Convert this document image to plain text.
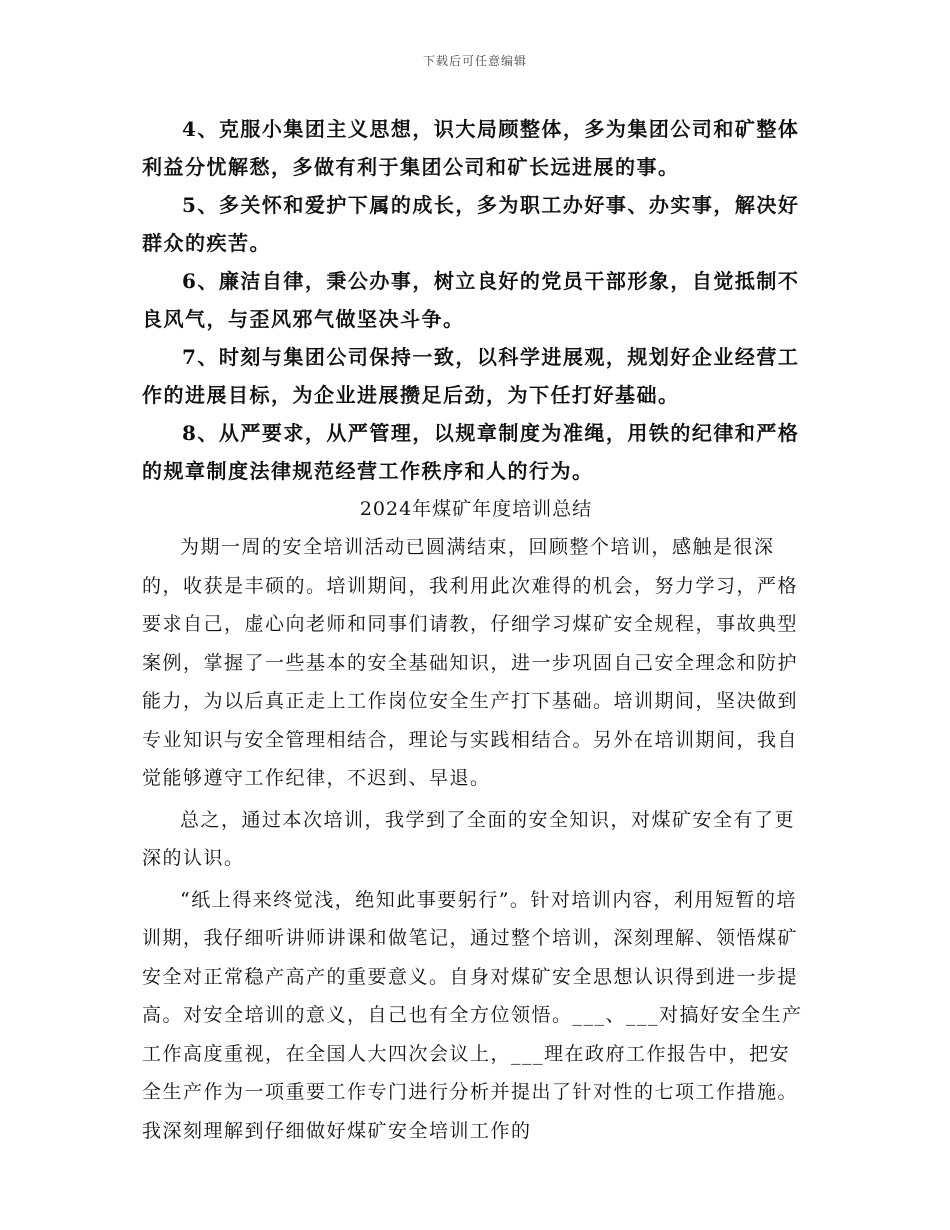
下载后可任意编辑

4、克服小集团主义思想，识大局顾整体，多为集团公司和矿整体利益分忧解愁，多做有利于集团公司和矿长远进展的事。

5、多关怀和爱护下属的成长，多为职工办好事、办实事，解决好群众的疾苦。

6、廉洁自律，秉公办事，树立良好的党员干部形象，自觉抵制不良风气，与歪风邪气做坚决斗争。

7、时刻与集团公司保持一致，以科学进展观，规划好企业经营工作的进展目标，为企业进展攒足后劲，为下任打好基础。

8、从严要求，从严管理，以规章制度为准绳，用铁的纪律和严格的规章制度法律规范经营工作秩序和人的行为。

2024年煤矿年度培训总结

为期一周的安全培训活动已圆满结束，回顾整个培训，感触是很深的，收获是丰硕的。培训期间，我利用此次难得的机会，努力学习，严格要求自己，虚心向老师和同事们请教，仔细学习煤矿安全规程，事故典型案例，掌握了一些基本的安全基础知识，进一步巩固自己安全理念和防护能力，为以后真正走上工作岗位安全生产打下基础。培训期间，坚决做到专业知识与安全管理相结合，理论与实践相结合。另外在培训期间，我自觉能够遵守工作纪律，不迟到、早退。

总之，通过本次培训，我学到了全面的安全知识，对煤矿安全有了更深的认识。

“纸上得来终觉浅，绝知此事要躬行”。针对培训内容，利用短暂的培训期，我仔细听讲师讲课和做笔记，通过整个培训，深刻理解、领悟煤矿安全对正常稳产高产的重要意义。自身对煤矿安全思想认识得到进一步提高。对安全培训的意义，自己也有全方位领悟。___、___对搞好安全生产工作高度重视，在全国人大四次会议上，___理在政府工作报告中，把安全生产作为一项重要工作专门进行分析并提出了针对性的七项工作措施。我深刻理解到仔细做好煤矿安全培训工作的
